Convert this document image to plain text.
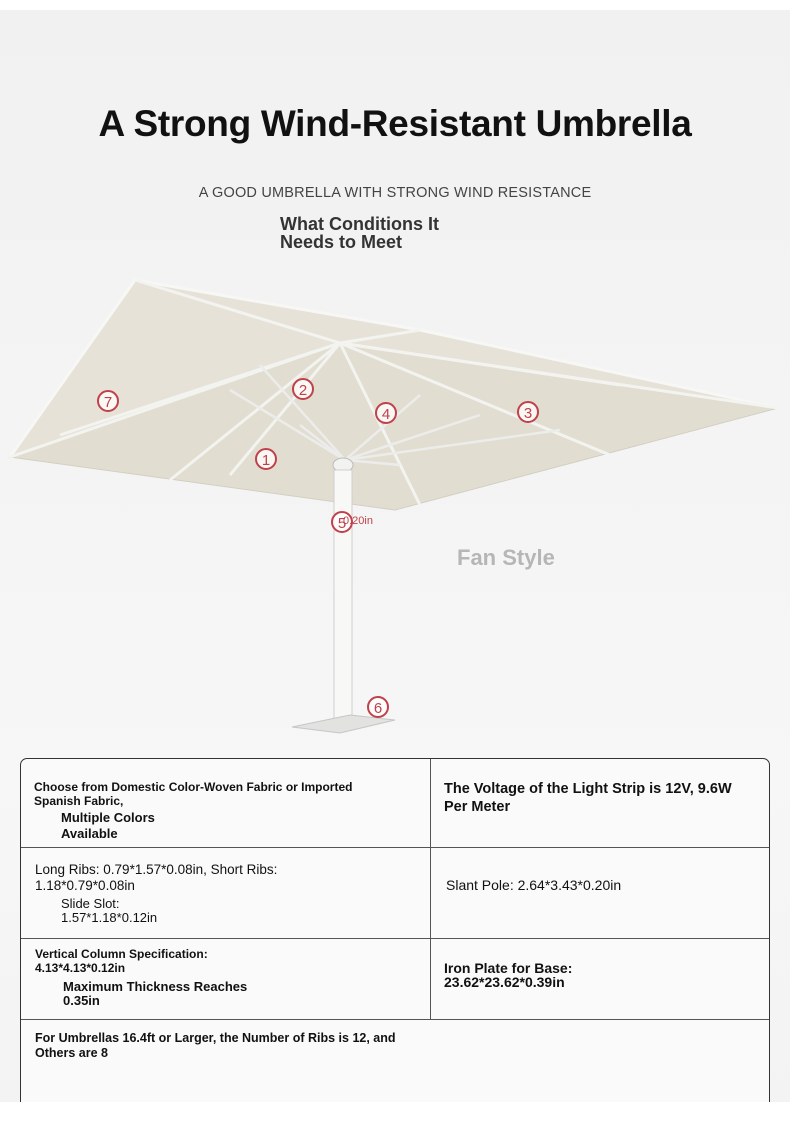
A Strong Wind-Resistant Umbrella
A GOOD UMBRELLA WITH STRONG WIND RESISTANCE
What Conditions It
Needs to Meet
7
2
4	3
1
5
6
0.20in
Fan Style
Choose from Domestic Color-Woven Fabric or Imported
Spanish Fabric,
Multiple Colors
Available
The Voltage of the Light Strip is 12V, 9.6W
Per Meter
Long Ribs: 0.79*1.57*0.08in, Short Ribs:
1.18*0.79*0.08in
Slide Slot:
1.57*1.18*0.12in
Slant Pole: 2.64*3.43*0.20in
Vertical Column Specification:
4.13*4.13*0.12in
Maximum Thickness Reaches
0.35in
Iron Plate for Base:
23.62*23.62*0.39in
For Umbrellas 16.4ft or Larger, the Number of Ribs is 12, and
Others are 8
